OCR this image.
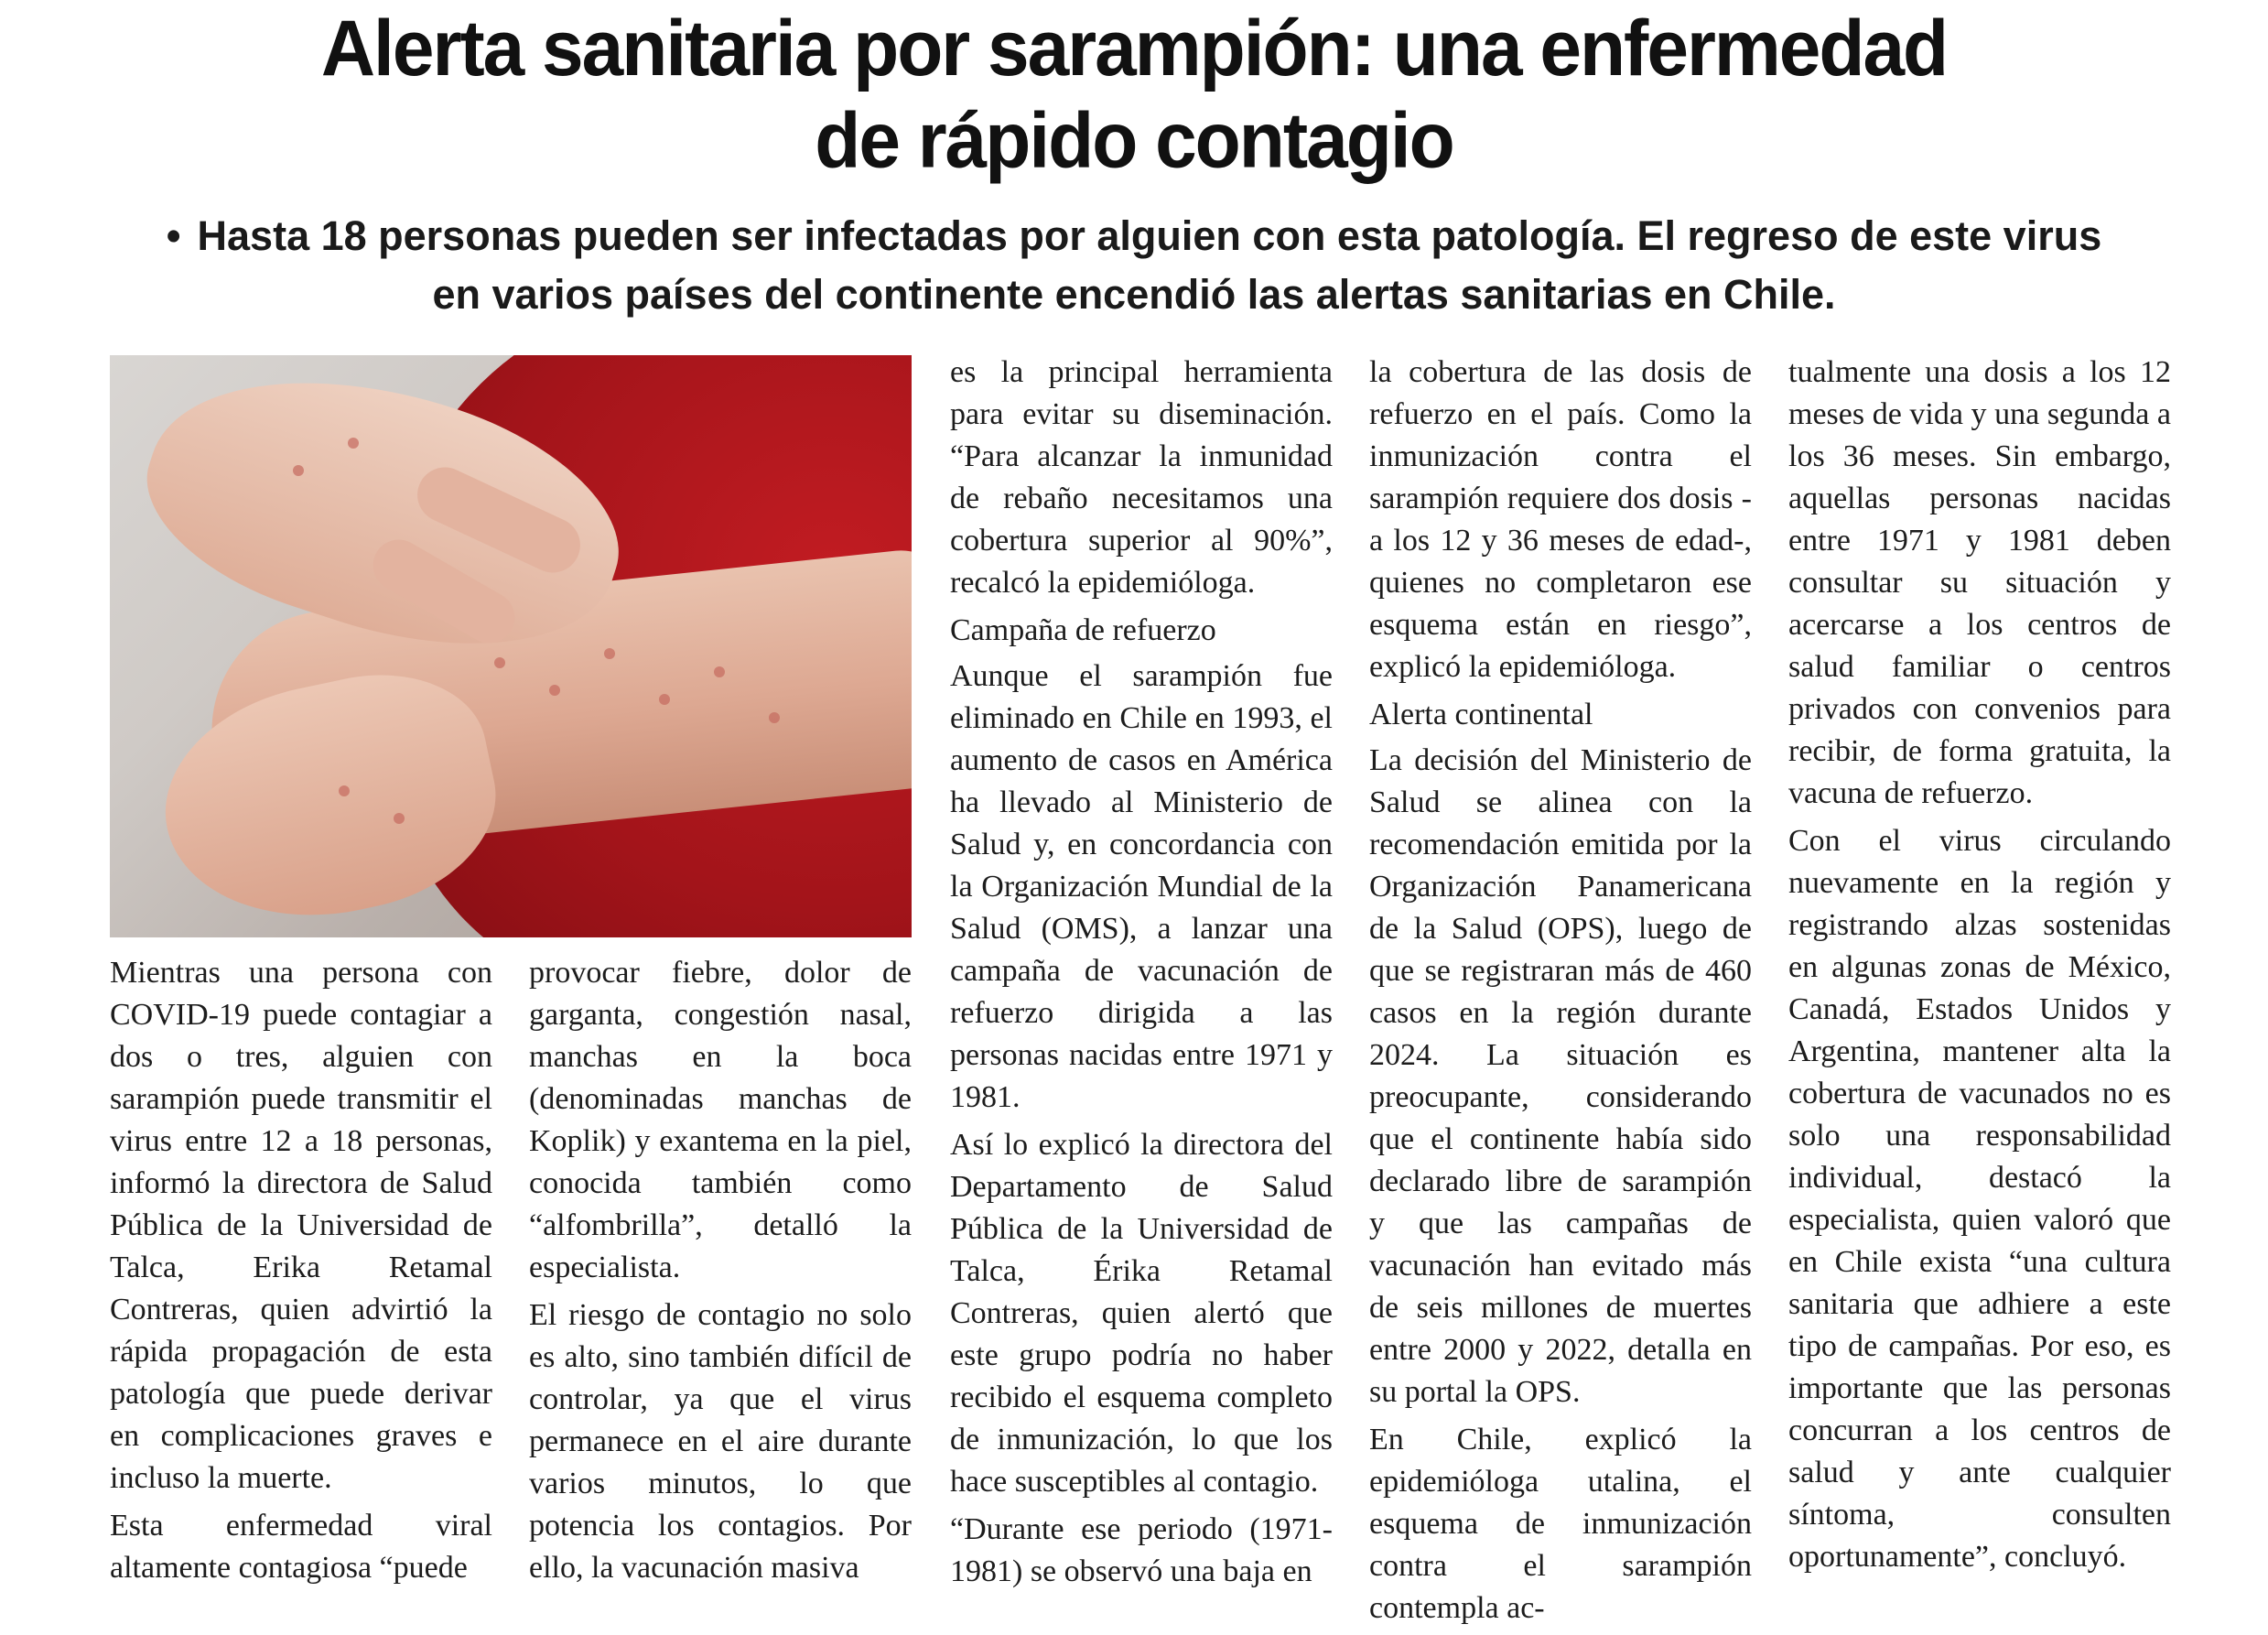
Alerta sanitaria por sarampión: una enfermedad
de rápido contagio

• Hasta 18 personas pueden ser infectadas por alguien con esta patología. El regreso de este virus en varios países del continente encendió las alertas sanitarias en Chile.

Mientras una persona con COVID-19 puede contagiar a dos o tres, alguien con sarampión puede transmitir el virus entre 12 a 18 personas, informó la directora de Salud Pública de la Universidad de Talca, Erika Retamal Contreras, quien advirtió la rápida propagación de esta patología que puede derivar en complicaciones graves e incluso la muerte.

Esta enfermedad viral altamente contagiosa “puede

provocar fiebre, dolor de garganta, congestión nasal, manchas en la boca (denominadas manchas de Koplik) y exantema en la piel, conocida también como “alfombrilla”, detalló la especialista.

El riesgo de contagio no solo es alto, sino también difícil de controlar, ya que el virus permanece en el aire durante varios minutos, lo que potencia los contagios. Por ello, la vacunación masiva

es la principal herramienta para evitar su diseminación. “Para alcanzar la inmunidad de rebaño necesitamos una cobertura superior al 90%”, recalcó la epidemióloga.

Campaña de refuerzo

Aunque el sarampión fue eliminado en Chile en 1993, el aumento de casos en América ha llevado al Ministerio de Salud y, en concordancia con la Organización Mundial de la Salud (OMS), a lanzar una campaña de vacunación de refuerzo dirigida a las personas nacidas entre 1971 y 1981.

Así lo explicó la directora del Departamento de Salud Pública de la Universidad de Talca, Érika Retamal Contreras, quien alertó que este grupo podría no haber recibido el esquema completo de inmunización, lo que los hace susceptibles al contagio.

“Durante ese periodo (1971-1981) se observó una baja en

la cobertura de las dosis de refuerzo en el país. Como la inmunización contra el sarampión requiere dos dosis -a los 12 y 36 meses de edad-, quienes no completaron ese esquema están en riesgo”, explicó la epidemióloga.

Alerta continental

La decisión del Ministerio de Salud se alinea con la recomendación emitida por la Organización Panamericana de la Salud (OPS), luego de que se registraran más de 460 casos en la región durante 2024. La situación es preocupante, considerando que el continente había sido declarado libre de sarampión y que las campañas de vacunación han evitado más de seis millones de muertes entre 2000 y 2022, detalla en su portal la OPS.

En Chile, explicó la epidemióloga utalina, el esquema de inmunización contra el sarampión contempla ac-

tualmente una dosis a los 12 meses de vida y una segunda a los 36 meses. Sin embargo, aquellas personas nacidas entre 1971 y 1981 deben consultar su situación y acercarse a los centros de salud familiar o centros privados con convenios para recibir, de forma gratuita, la vacuna de refuerzo.

Con el virus circulando nuevamente en la región y registrando alzas sostenidas en algunas zonas de México, Canadá, Estados Unidos y Argentina, mantener alta la cobertura de vacunados no es solo una responsabilidad individual, destacó la especialista, quien valoró que en Chile exista “una cultura sanitaria que adhiere a este tipo de campañas. Por eso, es importante que las personas concurran a los centros de salud y ante cualquier síntoma, consulten oportunamente”, concluyó.
